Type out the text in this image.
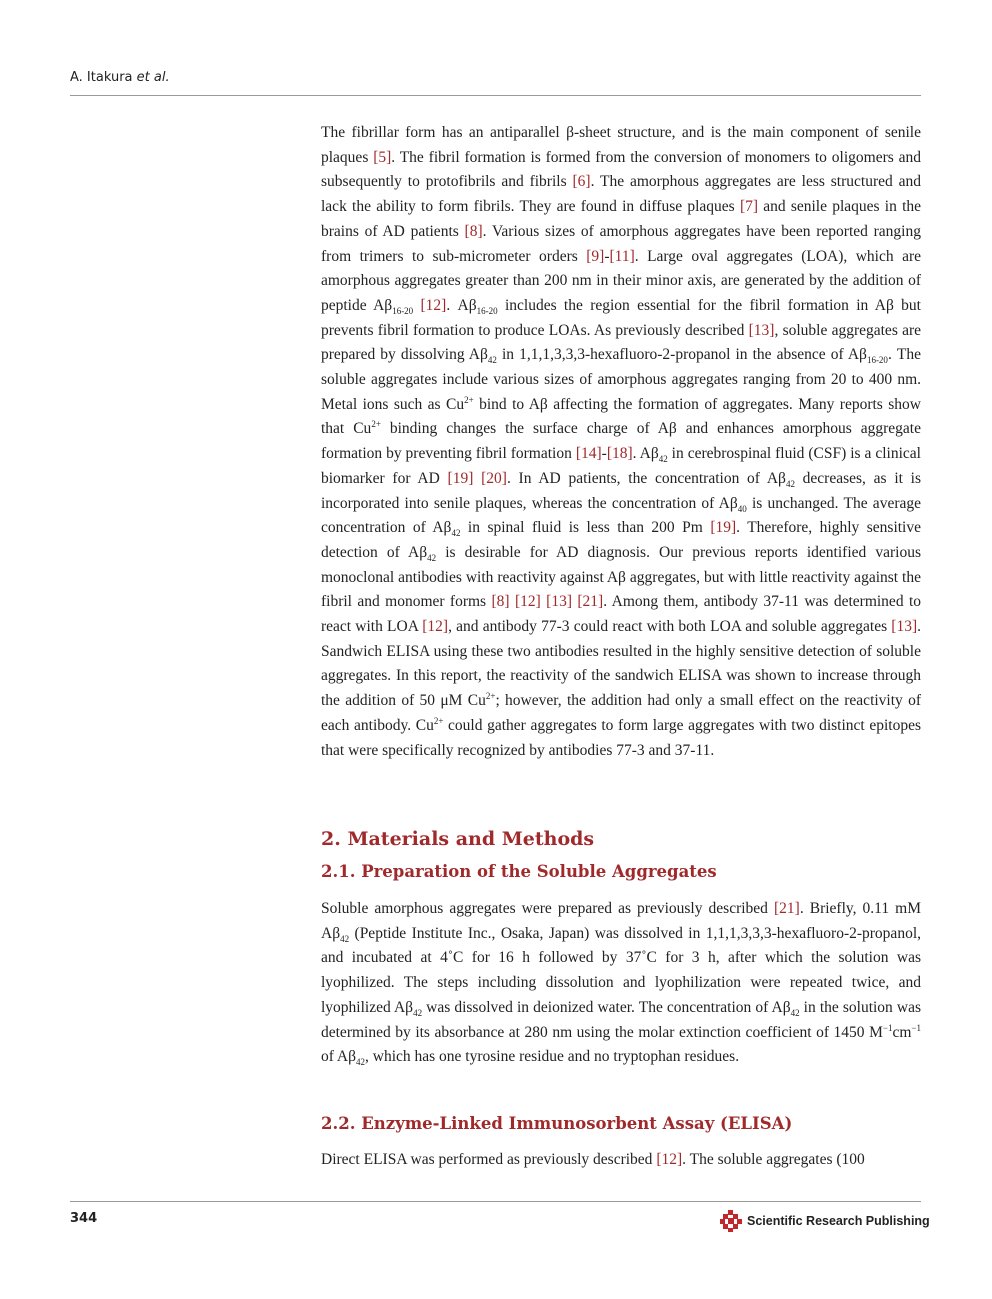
A. Itakura et al.

The fibrillar form has an antiparallel β-sheet structure, and is the main component of senile plaques [5]. The fibril formation is formed from the conversion of monomers to oligomers and subsequently to protofibrils and fibrils [6]. The amorphous aggregates are less structured and lack the ability to form fibrils. They are found in diffuse plaques [7] and senile plaques in the brains of AD patients [8]. Various sizes of amorphous aggregates have been reported ranging from trimers to sub-micrometer orders [9]-[11]. Large oval aggregates (LOA), which are amorphous aggregates greater than 200 nm in their minor axis, are generated by the addition of peptide $A\beta_{16-20}$ [12]. $A\beta_{16-20}$ includes the region essential for the fibril formation in Aβ but prevents fibril formation to produce LOAs. As previously described [13], soluble aggregates are prepared by dissolving $A\beta_{42}$ in 1,1,1,3,3,3-hexafluoro-2-propanol in the absence of $A\beta_{16-20}$. The soluble aggregates include various sizes of amorphous aggregates ranging from 20 to 400 nm. Metal ions such as $Cu^{2+}$ bind to Aβ affecting the formation of aggregates. Many reports show that $Cu^{2+}$ binding changes the surface charge of Aβ and enhances amorphous aggregate formation by preventing fibril formation [14]-[18]. $A\beta_{42}$ in cerebrospinal fluid (CSF) is a clinical biomarker for AD [19] [20]. In AD patients, the concentration of $A\beta_{42}$ decreases, as it is incorporated into senile plaques, whereas the concentration of $A\beta_{40}$ is unchanged. The average concentration of $A\beta_{42}$ in spinal fluid is less than 200 Pm [19]. Therefore, highly sensitive detection of $A\beta_{42}$ is desirable for AD diagnosis. Our previous reports identified various monoclonal antibodies with reactivity against Aβ aggregates, but with little reactivity against the fibril and monomer forms [8] [12] [13] [21]. Among them, antibody 37-11 was determined to react with LOA [12], and antibody 77-3 could react with both LOA and soluble aggregates [13]. Sandwich ELISA using these two antibodies resulted in the highly sensitive detection of soluble aggregates. In this report, the reactivity of the sandwich ELISA was shown to increase through the addition of 50 μM $Cu^{2+}$; however, the addition had only a small effect on the reactivity of each antibody. $Cu^{2+}$ could gather aggregates to form large aggregates with two distinct epitopes that were specifically recognized by antibodies 77-3 and 37-11.

2. Materials and Methods
2.1. Preparation of the Soluble Aggregates

Soluble amorphous aggregates were prepared as previously described [21]. Briefly, 0.11 mM $A\beta_{42}$ (Peptide Institute Inc., Osaka, Japan) was dissolved in 1,1,1,3,3,3-hexafluoro-2-propanol, and incubated at 4˚C for 16 h followed by 37˚C for 3 h, after which the solution was lyophilized. The steps including dissolution and lyophilization were repeated twice, and lyophilized $A\beta_{42}$ was dissolved in deionized water. The concentration of $A\beta_{42}$ in the solution was determined by its absorbance at 280 nm using the molar extinction coefficient of 1450 $M^{-1}cm^{-1}$ of $A\beta_{42}$, which has one tyrosine residue and no tryptophan residues.

2.2. Enzyme-Linked Immunosorbent Assay (ELISA)

Direct ELISA was performed as previously described [12]. The soluble aggregates (100

344	Scientific Research Publishing
